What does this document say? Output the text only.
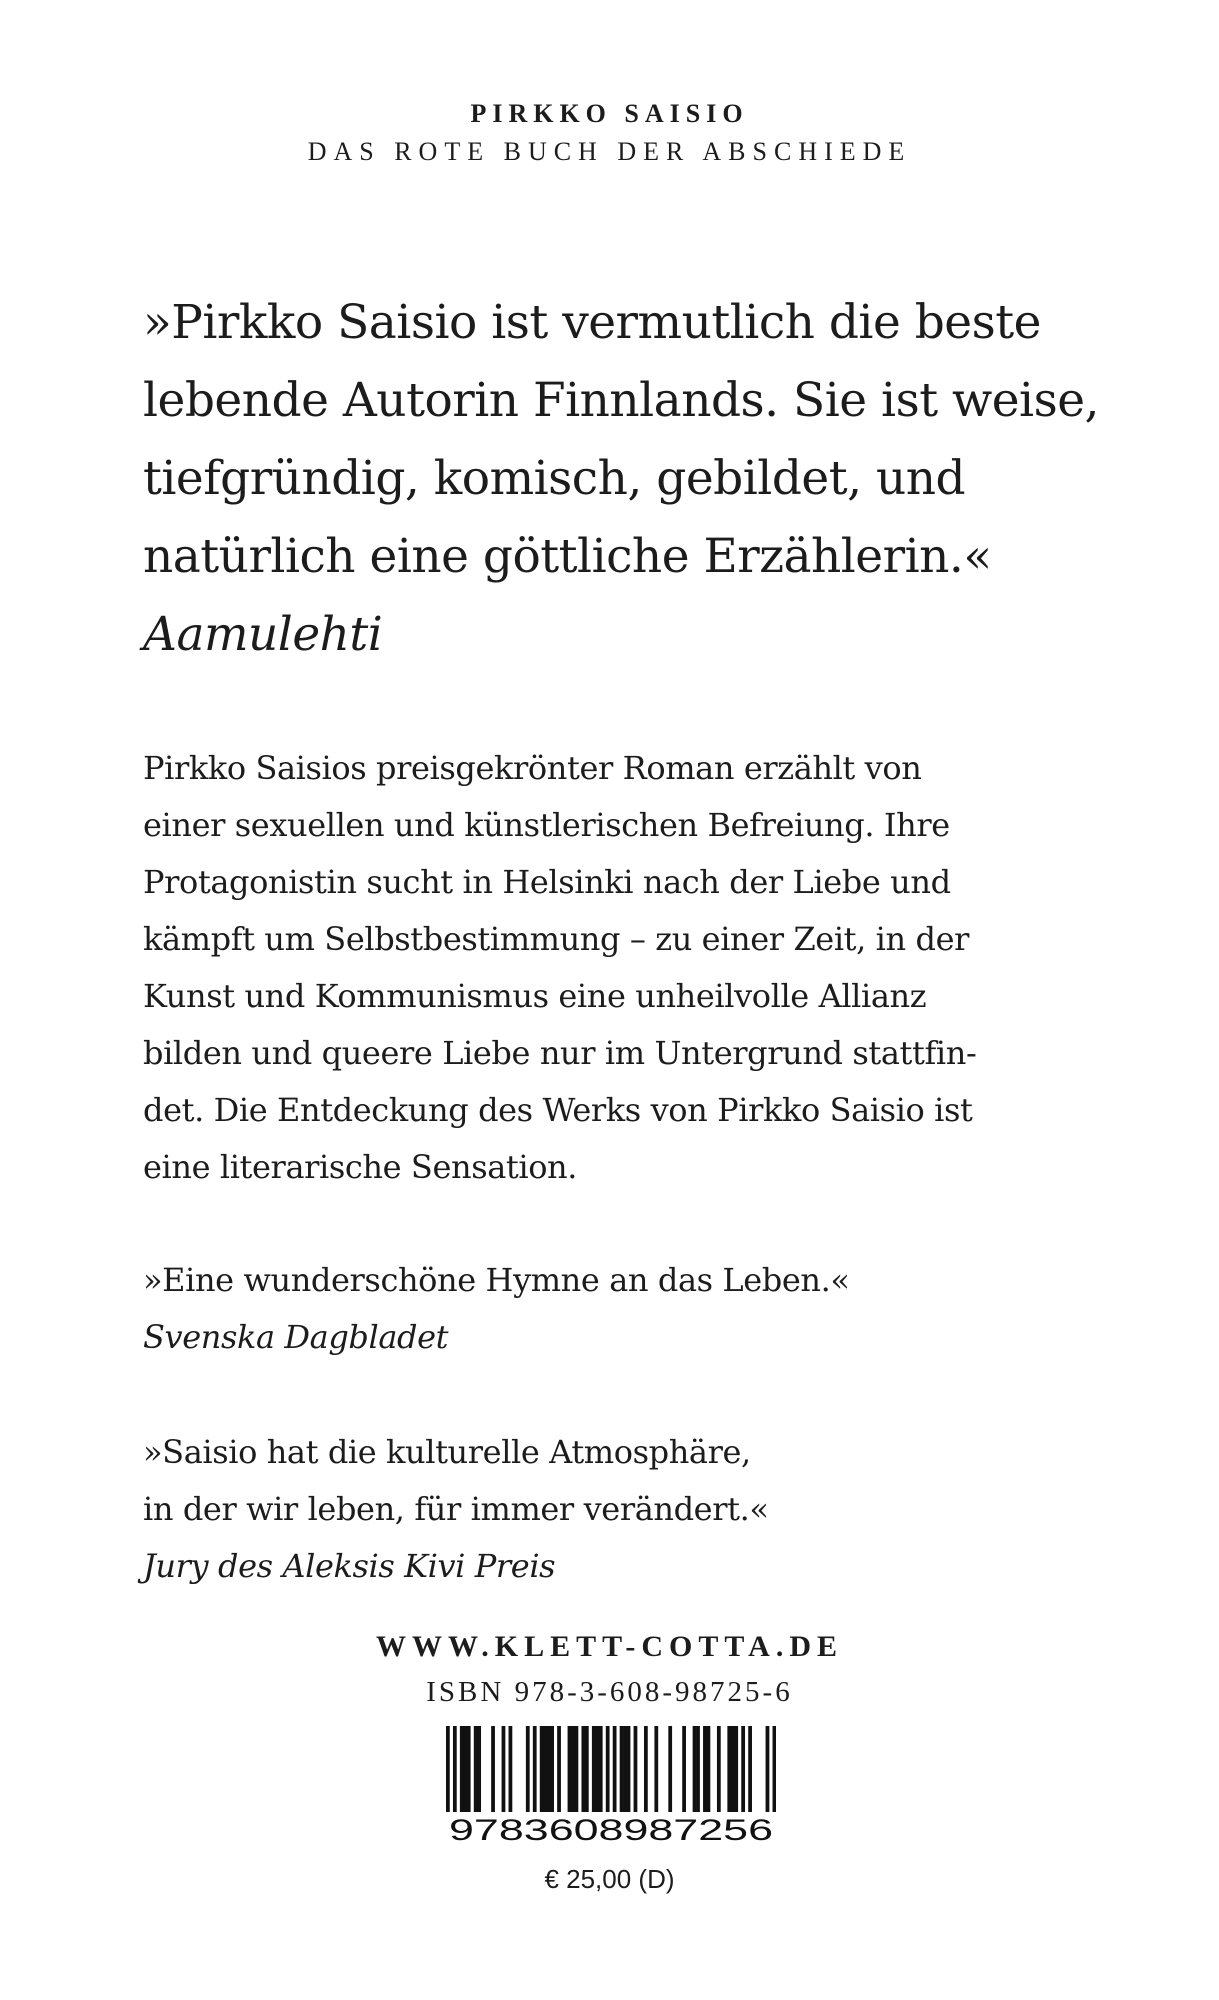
PIRKKO SAISIO
DAS ROTE BUCH DER ABSCHIEDE

»Pirkko Saisio ist vermutlich die beste
lebende Autorin Finnlands. Sie ist weise,
tiefgründig, komisch, gebildet, und
natürlich eine göttliche Erzählerin.«
Aamulehti

Pirkko Saisios preisgekrönter Roman erzählt von
einer sexuellen und künstlerischen Befreiung. Ihre
Protagonistin sucht in Helsinki nach der Liebe und
kämpft um Selbstbestimmung – zu einer Zeit, in der
Kunst und Kommunismus eine unheilvolle Allianz
bilden und queere Liebe nur im Untergrund stattfin-
det. Die Entdeckung des Werks von Pirkko Saisio ist
eine literarische Sensation.

»Eine wunderschöne Hymne an das Leben.«
Svenska Dagbladet

»Saisio hat die kulturelle Atmosphäre,
in der wir leben, für immer verändert.«
Jury des Aleksis Kivi Preis

WWW.KLETT-COTTA.DE
ISBN 978-3-608-98725-6
9783608987256
€ 25,00 (D)
